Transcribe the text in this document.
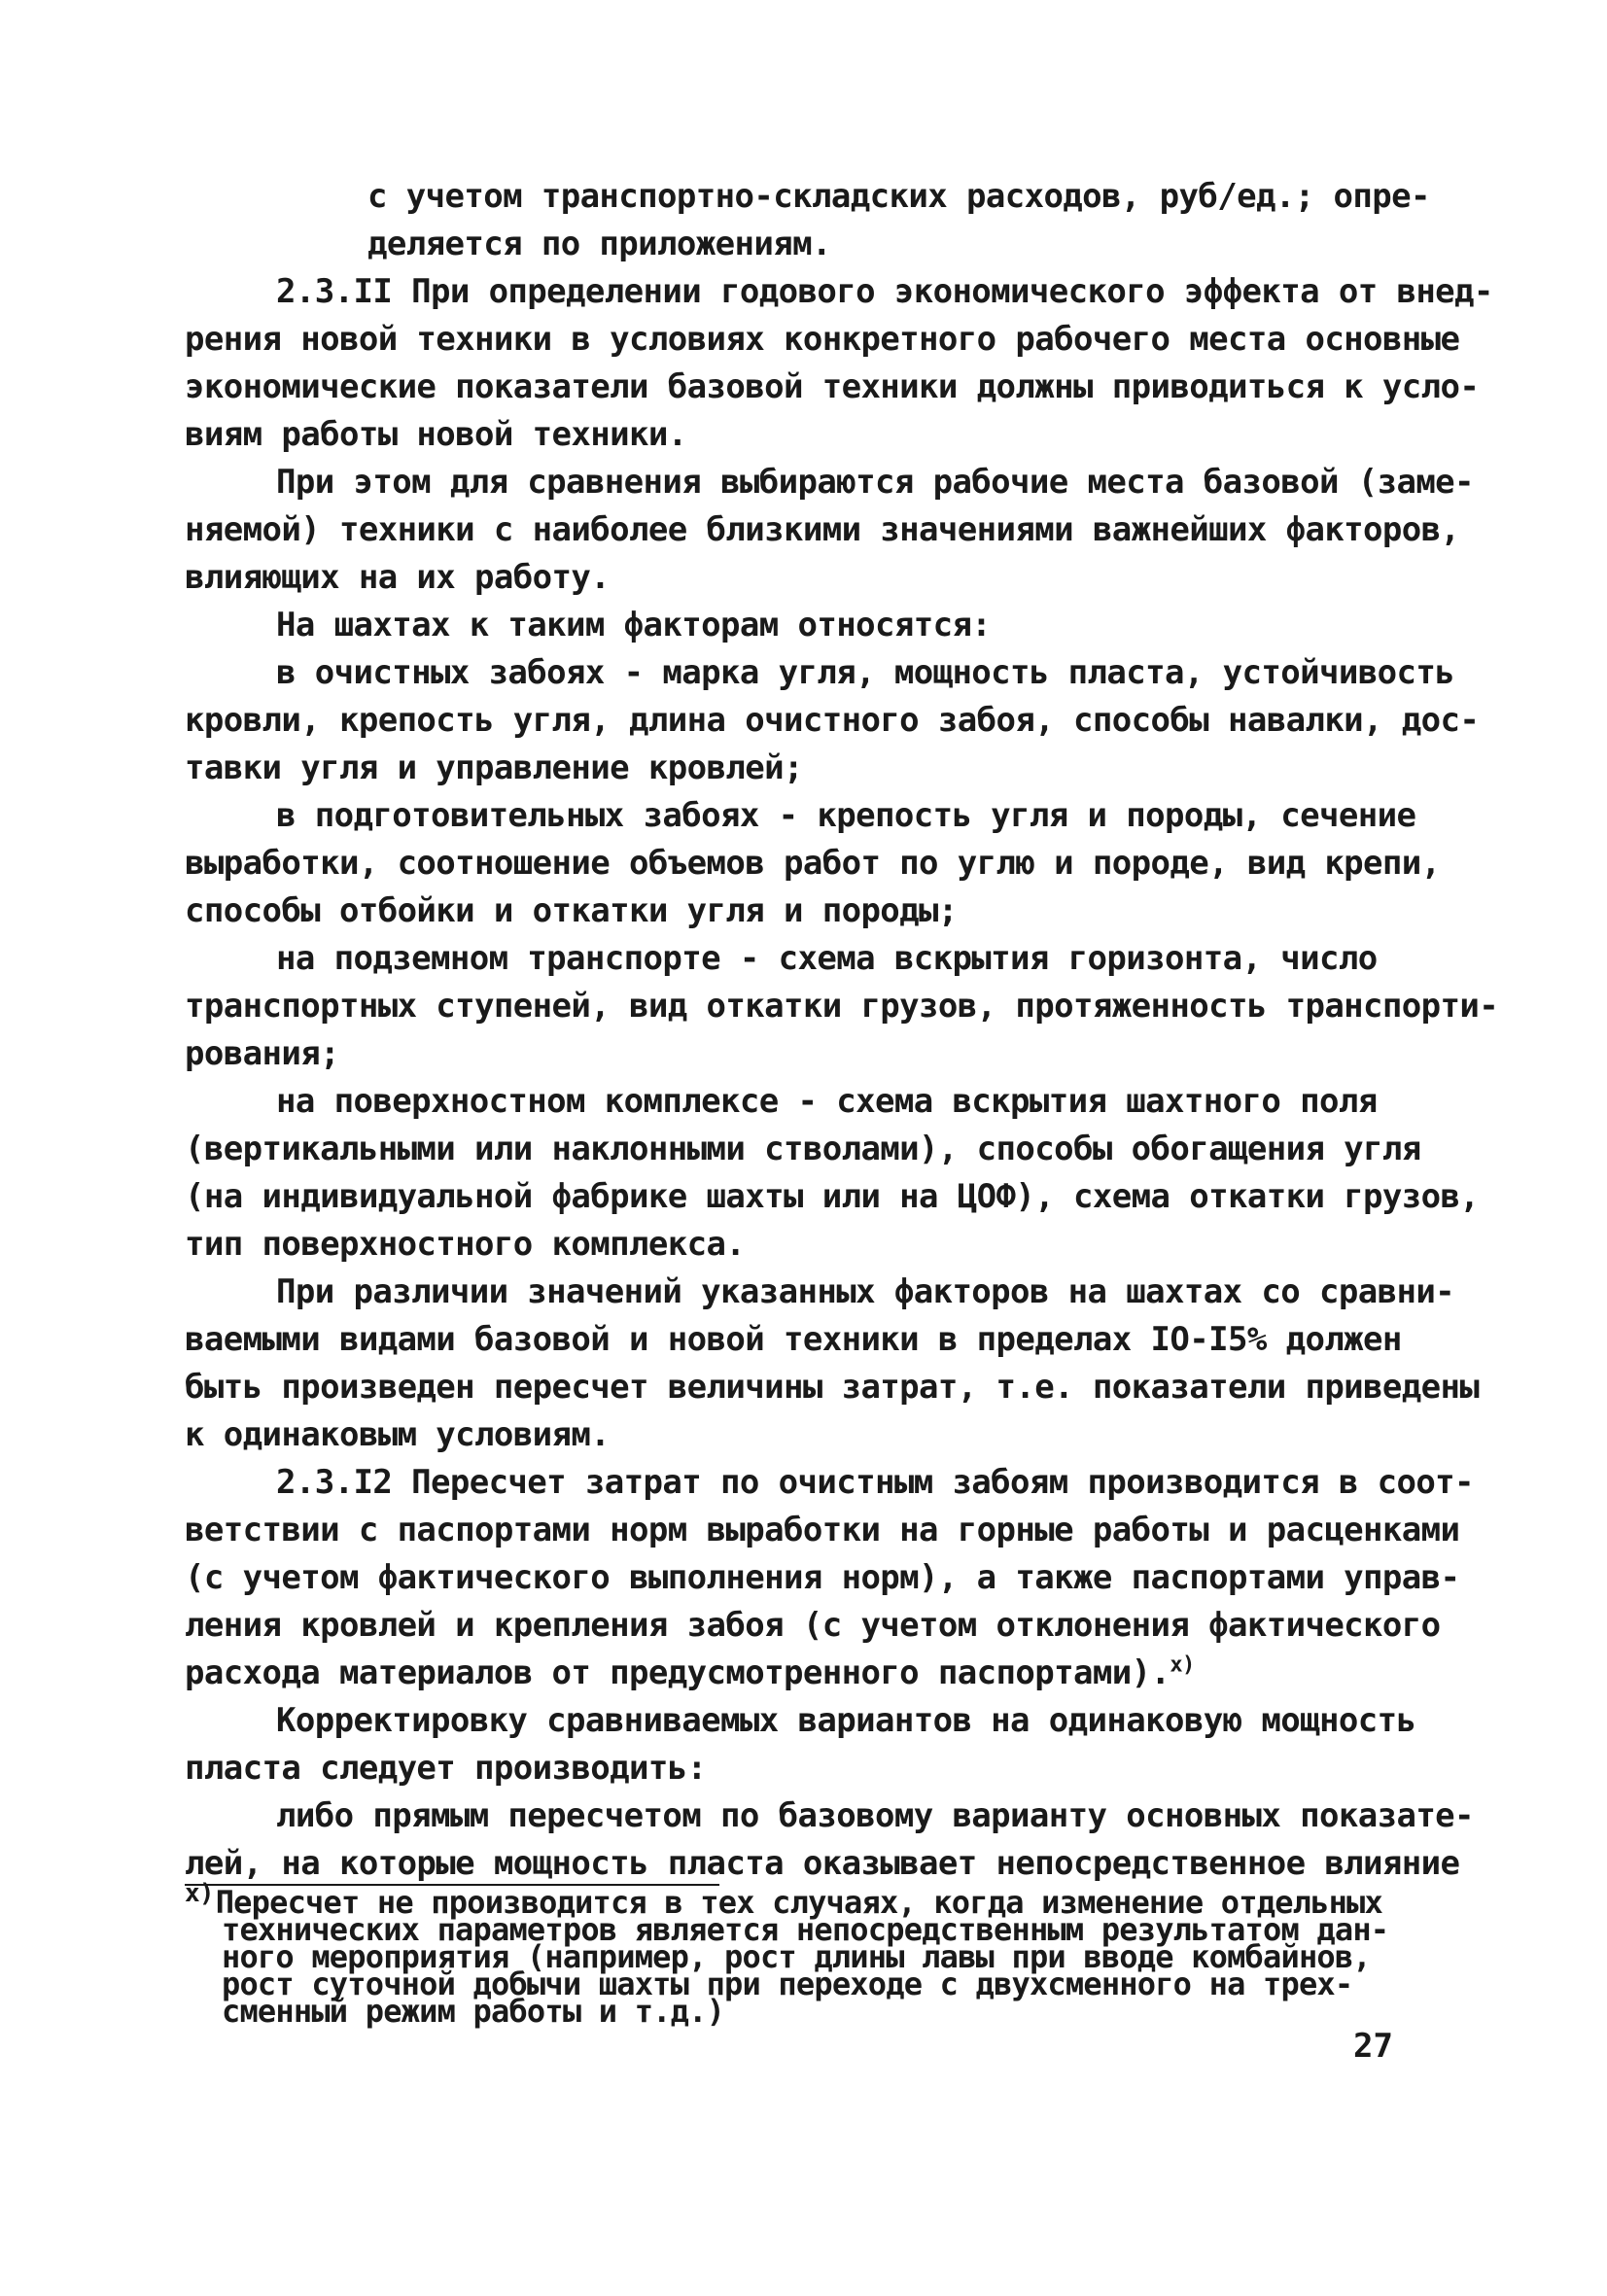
с учетом транспортно-складских расходов, руб/ед.; опре-
деляется по приложениям.
2.3.II При определении годового экономического эффекта от внед-
рения новой техники в условиях конкретного рабочего места основные
экономические показатели базовой техники должны приводиться к усло-
виям работы новой техники.
При этом для сравнения выбираются рабочие места базовой (заме-
няемой) техники с наиболее близкими значениями важнейших факторов,
влияющих на их работу.
На шахтах к таким факторам относятся:
в очистных забоях - марка угля, мощность пласта, устойчивость
кровли, крепость угля, длина очистного забоя, способы навалки, дос-
тавки угля и управление кровлей;
в подготовительных забоях - крепость угля и породы, сечение
выработки, соотношение объемов работ по углю и породе, вид крепи,
способы отбойки и откатки угля и породы;
на подземном транспорте - схема вскрытия горизонта, число
транспортных ступеней, вид откатки грузов, протяженность транспорти-
рования;
на поверхностном комплексе - схема вскрытия шахтного поля
(вертикальными или наклонными стволами), способы обогащения угля
(на индивидуальной фабрике шахты или на ЦОФ), схема откатки грузов,
тип поверхностного комплекса.
При различии значений указанных факторов на шахтах со сравни-
ваемыми видами базовой и новой техники в пределах IO-I5% должен
быть произведен пересчет величины затрат, т.е. показатели приведены
к одинаковым условиям.
2.3.I2 Пересчет затрат по очистным забоям производится в соот-
ветствии с паспортами норм выработки на горные работы и расценками
(с учетом фактического выполнения норм), а также паспортами управ-
ления кровлей и крепления забоя (с учетом отклонения фактического
расхода материалов от предусмотренного паспортами).$^{х)}$
Корректировку сравниваемых вариантов на одинаковую мощность
пласта следует производить:
либо прямым пересчетом по базовому варианту основных показате-
лей, на которые мощность пласта оказывает непосредственное влияние
$^{х)}$Пересчет не производится в тех случаях, когда изменение отдельных
технических параметров является непосредственным результатом дан-
ного мероприятия (например, рост длины лавы при вводе комбайнов,
рост суточной добычи шахты при переходе с двухсменного на трех-
сменный режим работы и т.д.)
27
